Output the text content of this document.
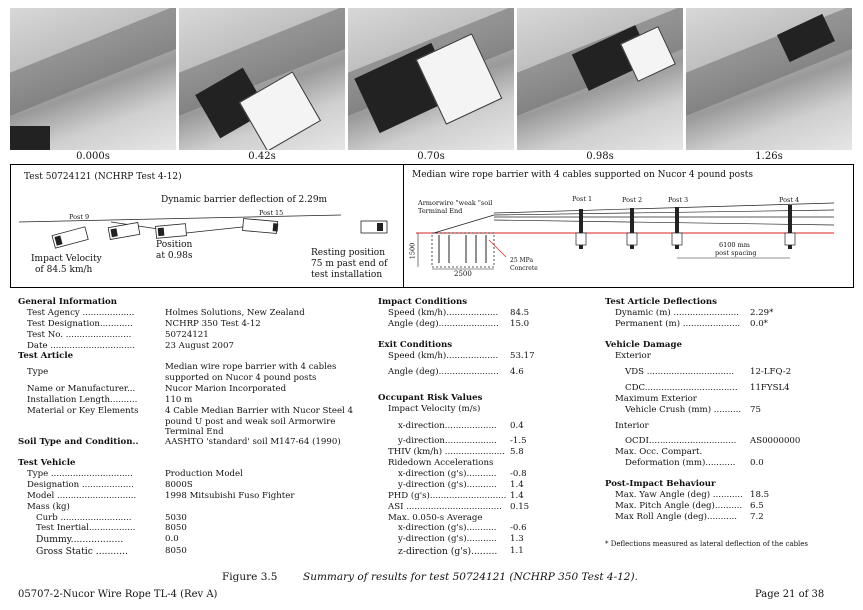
0.000s	0.42s	0.70s	0.98s	1.26s
Test 50724121 (NCHRP Test 4-12)
Dynamic barrier deflection of 2.29m
Post 9	Post 15
Impact Velocity
of 84.5 km/h
Position
at 0.98s	Resting position
75 m past end of
test installation
Median wire rope barrier with 4 cables supported on Nucor 4 pound posts
Armorwire "weak "soil
Terminal End
Post 1	Post 2	Post 3	Post 4
1500
2500
25 MPa
Concrete
6100 mm
post spacing
General Information
Test Agency ...................	Holmes Solutions, New Zealand
Test Designation............	NCHRP 350 Test 4-12
Test No. ........................	50724121
Date ...............................	23 August 2007
Test Article
Type	Median wire rope barrier with 4 cables
supported on Nucor 4 pound posts
Name or Manufacturer...	Nucor Marion Incorporated
Installation Length..........	110 m
Material or Key Elements	4 Cable Median Barrier with Nucor Steel 4
pound U post and weak soil Armorwire
Terminal End
Soil Type and Condition..	AASHTO 'standard' soil M147-64 (1990)
Test Vehicle
Type ..............................	Production Model
Designation ...................	8000S
Model .............................	1998 Mitsubishi Fuso Fighter
Mass (kg)
Curb ..........................	5030
Test Inertial.................	8050
Dummy..................	0.0
Gross Static ...........	8050
Impact Conditions
Speed (km/h)................... 84.5
Angle (deg)...................... 15.0
Exit Conditions
Speed (km/h)................... 53.17
Angle (deg)...................... 4.6
Occupant Risk Values
Impact Velocity (m/s)
x-direction................... 0.4
y-direction................... -1.5
THIV (km/h) ...................... 5.8
Ridedown Accelerations
x-direction (g's)........... -0.8
y-direction (g's)........... 1.4
PHD (g's)............................ 1.4
ASI ................................... 0.15
Max. 0.050-s Average
x-direction (g's)........... -0.6
y-direction (g's)........... 1.3
z-direction (g's)......... 1.1
Test Article Deflections
Dynamic (m) ........................ 2.29*
Permanent (m) ..................... 0.0*
Vehicle Damage
Exterior
VDS ................................ 12-LFQ-2
CDC.................................. 11FYSL4
Maximum Exterior
Vehicle Crush (mm) .......... 75
Interior
OCDI................................ AS0000000
Max. Occ. Compart.
Deformation (mm)........... 0.0
Post-Impact Behaviour
Max. Yaw Angle (deg) ........... 18.5
Max. Pitch Angle (deg).......... 6.5
Max Roll Angle (deg)........... 7.2
* Deflections measured as lateral deflection of the cables
Figure 3.5 Summary of results for test 50724121 (NCHRP 350 Test 4-12).
05707-2-Nucor Wire Rope TL-4 (Rev A)	Page 21 of 38
